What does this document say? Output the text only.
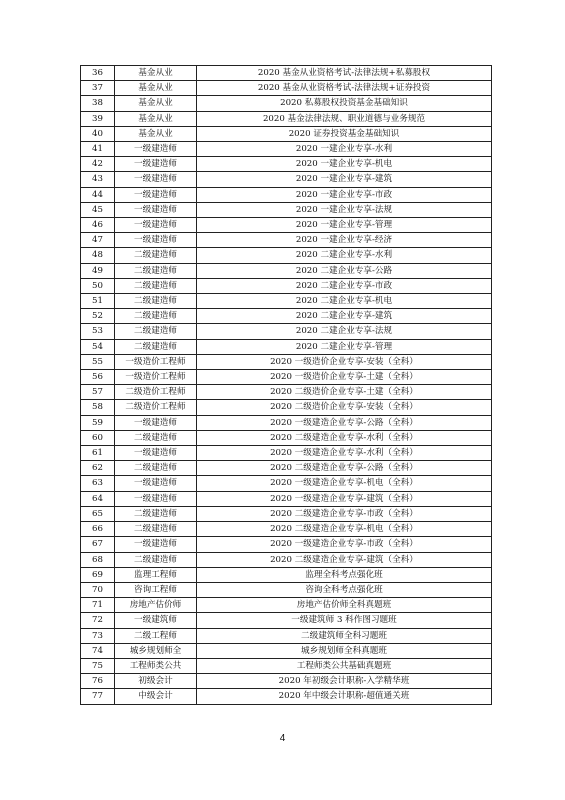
36	基金从业	2020 基金从业资格考试-法律法规+私募股权
37	基金从业	2020 基金从业资格考试-法律法规+证券投资
38	基金从业	2020 私募股权投资基金基础知识
39	基金从业	2020 基金法律法规、职业道德与业务规范
40	基金从业	2020 证券投资基金基础知识
41	一级建造师	2020 一建企业专享-水利
42	一级建造师	2020 一建企业专享-机电
43	一级建造师	2020 一建企业专享-建筑
44	一级建造师	2020 一建企业专享-市政
45	一级建造师	2020 一建企业专享-法规
46	一级建造师	2020 一建企业专享-管理
47	一级建造师	2020 一建企业专享-经济
48	二级建造师	2020 二建企业专享-水利
49	二级建造师	2020 二建企业专享-公路
50	二级建造师	2020 二建企业专享-市政
51	二级建造师	2020 二建企业专享-机电
52	二级建造师	2020 二建企业专享-建筑
53	二级建造师	2020 二建企业专享-法规
54	二级建造师	2020 二建企业专享-管理
55	一级造价工程师	2020 一级造价企业专享-安装（全科）
56	一级造价工程师	2020 一级造价企业专享-土建（全科）
57	二级造价工程师	2020 二级造价企业专享-土建（全科）
58	二级造价工程师	2020 二级造价企业专享-安装（全科）
59	一级建造师	2020 一级建造企业专享-公路（全科）
60	二级建造师	2020 二级建造企业专享-水利（全科）
61	一级建造师	2020 一级建造企业专享-水利（全科）
62	二级建造师	2020 二级建造企业专享-公路（全科）
63	一级建造师	2020 一级建造企业专享-机电（全科）
64	一级建造师	2020 一级建造企业专享-建筑（全科）
65	二级建造师	2020 二级建造企业专享-市政（全科）
66	二级建造师	2020 二级建造企业专享-机电（全科）
67	一级建造师	2020 一级建造企业专享-市政（全科）
68	二级建造师	2020 二级建造企业专享-建筑（全科）
69	监理工程师	监理全科考点强化班
70	咨询工程师	咨询全科考点强化班
71	房地产估价师	房地产估价师全科真题班
72	一级建筑师	一级建筑师 3 科作图习题班
73	二级工程师	二级建筑师全科习题班
74	城乡规划师全	城乡规划师全科真题班
75	工程师类公共	工程师类公共基础真题班
76	初级会计	2020 年初级会计职称-入学精华班
77	中级会计	2020 年中级会计职称-超值通关班
4
